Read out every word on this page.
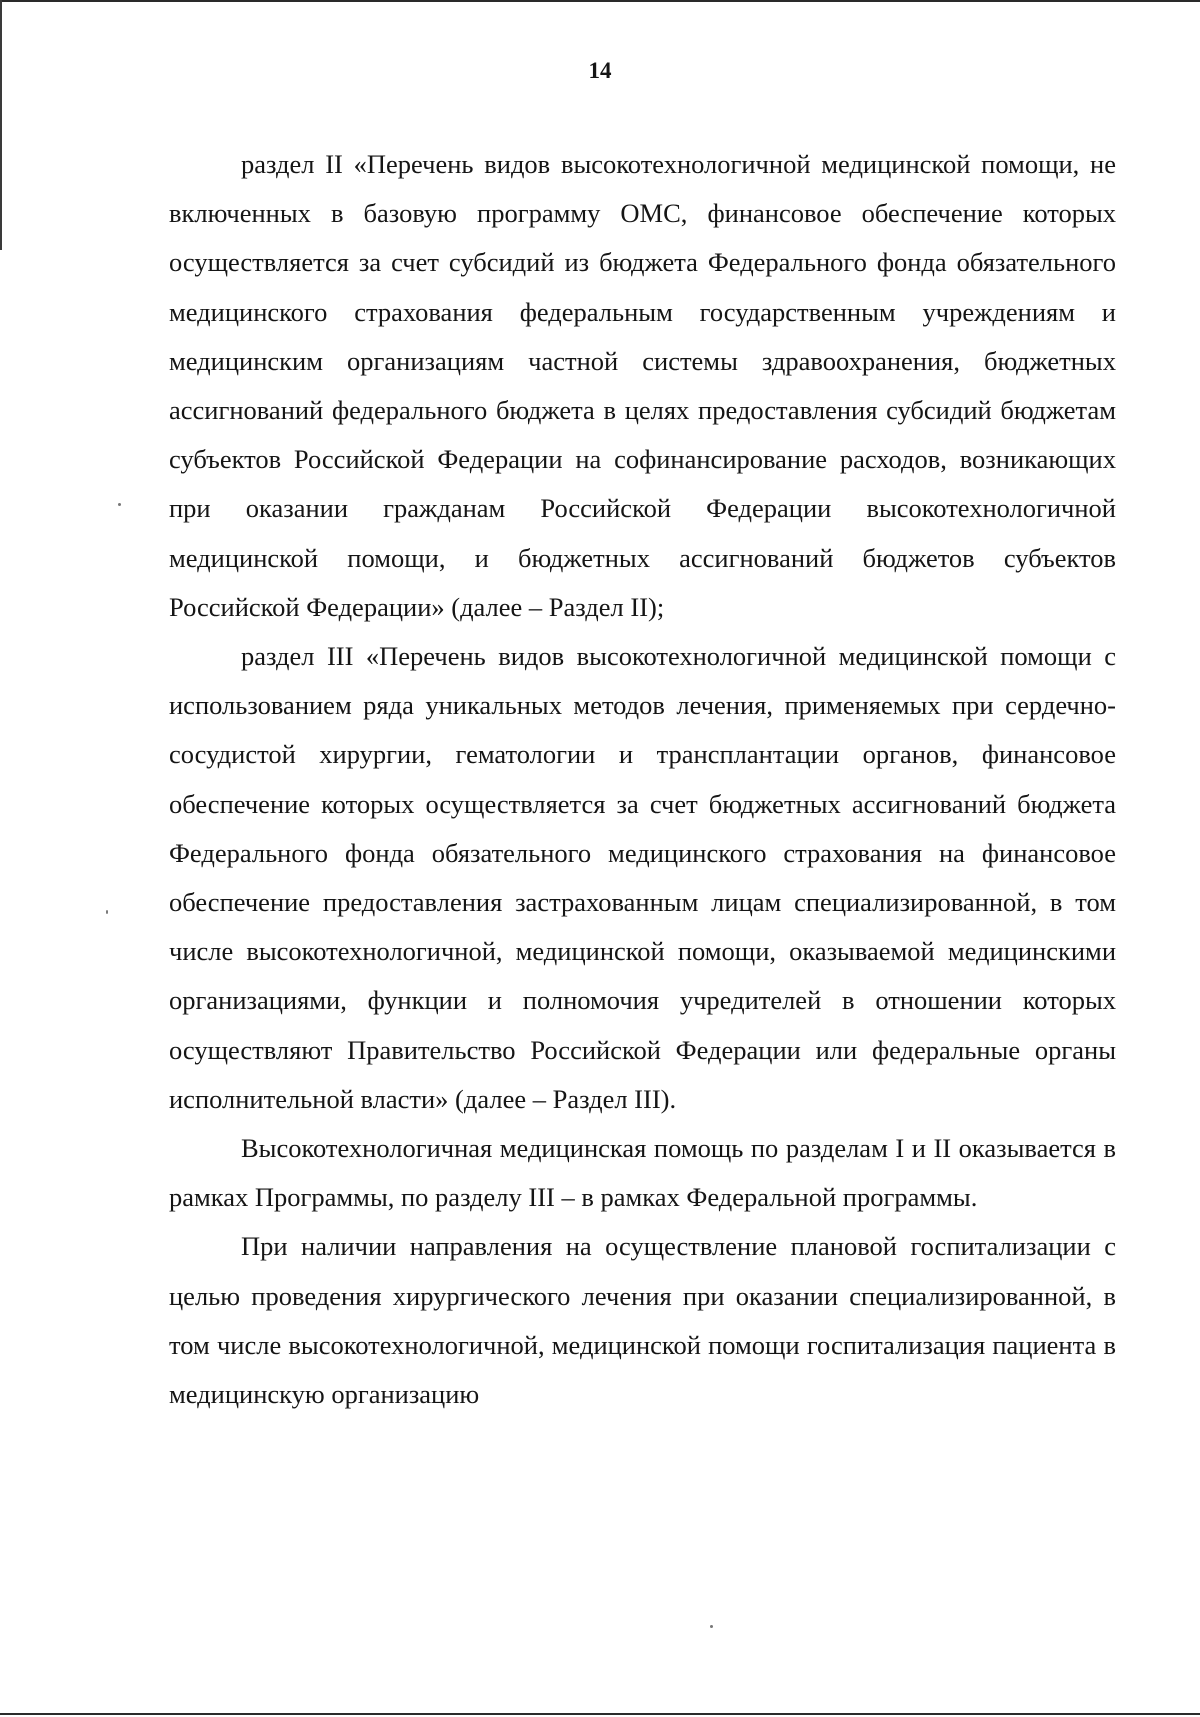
14

раздел II «Перечень видов высокотехнологичной медицинской помощи, не включенных в базовую программу ОМС, финансовое обеспечение которых осуществляется за счет субсидий из бюджета Федерального фонда обязательного медицинского страхования федеральным государственным учреждениям и медицинским организациям частной системы здравоохранения, бюджетных ассигнований федерального бюджета в целях предоставления субсидий бюджетам субъектов Российской Федерации на софинансирование расходов, возникающих при оказании гражданам Российской Федерации высокотехнологичной медицинской помощи, и бюджетных ассигнований бюджетов субъектов Российской Федерации» (далее – Раздел II);

раздел III «Перечень видов высокотехнологичной медицинской помощи с использованием ряда уникальных методов лечения, применяемых при сердечно-сосудистой хирургии, гематологии и трансплантации органов, финансовое обеспечение которых осуществляется за счет бюджетных ассигнований бюджета Федерального фонда обязательного медицинского страхования на финансовое обеспечение предоставления застрахованным лицам специализированной, в том числе высокотехнологичной, медицинской помощи, оказываемой медицинскими организациями, функции и полномочия учредителей в отношении которых осуществляют Правительство Российской Федерации или федеральные органы исполнительной власти» (далее – Раздел III).

Высокотехнологичная медицинская помощь по разделам I и II оказывается в рамках Программы, по разделу III – в рамках Федеральной программы.

При наличии направления на осуществление плановой госпитализации с целью проведения хирургического лечения при оказании специализированной, в том числе высокотехнологичной, медицинской помощи госпитализация пациента в медицинскую организацию
